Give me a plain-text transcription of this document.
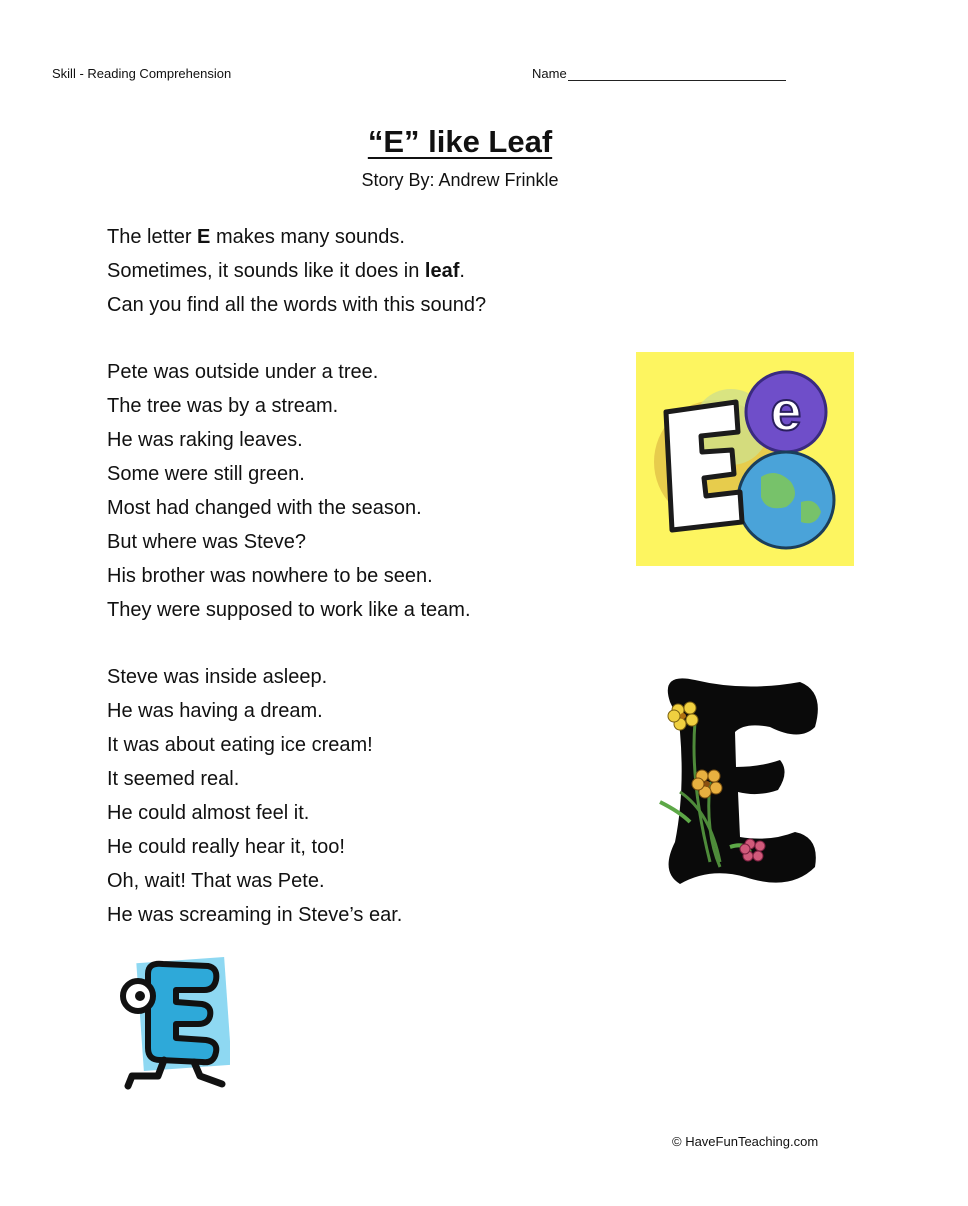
Skill - Reading Comprehension	Name
“E” like Leaf
Story By: Andrew Frinkle
The letter E makes many sounds.
Sometimes, it sounds like it does in leaf.
Can you find all the words with this sound?
Pete was outside under a tree.
The tree was by a stream.
He was raking leaves.
Some were still green.
Most had changed with the season.
But where was Steve?
His brother was nowhere to be seen.
They were supposed to work like a team.
Steve was inside asleep.
He was having a dream.
It was about eating ice cream!
It seemed real.
He could almost feel it.
He could really hear it, too!
Oh, wait! That was Pete.
He was screaming in Steve’s ear.
e
© HaveFunTeaching.com
